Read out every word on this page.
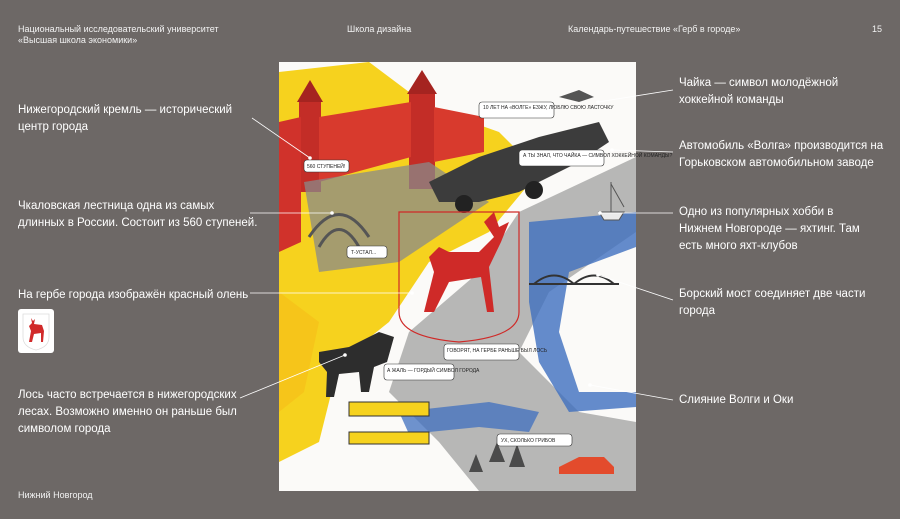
Национальный исследовательский университет
«Высшая школа экономики»
Школа дизайна	Календарь-путешествие «Герб в городе»	15
Нижегородский кремль — исторический центр города
Чкаловская лестница одна из самых длинных в России. Состоит из 560 ступеней.
На гербе города изображён красный олень
Лось часто встречается в нижегородских лесах. Возможно именно он раньше был символом города
Чайка — символ молодёжной хоккейной команды
Автомобиль «Волга» производится на Горьковском автомобильном заводе
Одно из популярных хобби в Нижнем Новгороде — яхтинг. Там есть много яхт-клубов
Борский мост соединяет две части города
Слияние Волги и Оки
10 ЛЕТ НА «ВОЛГЕ» ЕЗЖУ, ЛЮБЛЮ СВОЮ ЛАСТОЧКУ
А ТЫ ЗНАЛ, ЧТО ЧАЙКА — СИМВОЛ ХОККЕЙНОЙ КОМАНДЫ?
560 СТУПЕНЕЙ!
Т-УСТАЛ...
ГОВОРЯТ, НА ГЕРБЕ РАНЬШЕ БЫЛ ЛОСЬ
А ЖАЛЬ — ГОРДЫЙ СИМВОЛ ГОРОДА
УХ, СКОЛЬКО ГРИБОВ
Нижний Новгород
